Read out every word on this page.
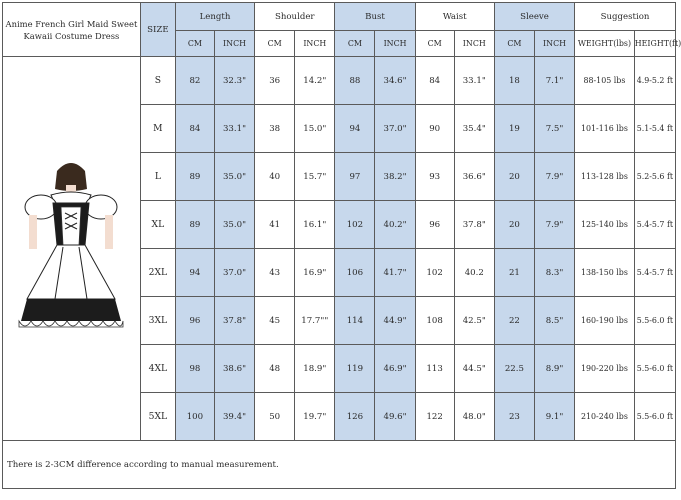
Anime French Girl Maid Sweet Kawaii Costume Dress	SIZE	Length		Shoulder		Bust		Waist		Sleeve		Suggestion	
		CM	INCH	CM	INCH	CM	INCH	CM	INCH	CM	INCH	WEIGHT(lbs)	HEIGHT(ft)

	S	82	32.3"	36	14.2"	88	34.6"	84	33.1"	18	7.1"	88-105 lbs	4.9-5.2 ft
	M	84	33.1"	38	15.0"	94	37.0"	90	35.4"	19	7.5"	101-116 lbs	5.1-5.4 ft
	L	89	35.0"	40	15.7"	97	38.2"	93	36.6"	20	7.9"	113-128 lbs	5.2-5.6 ft
	XL	89	35.0"	41	16.1"	102	40.2"	96	37.8"	20	7.9"	125-140 lbs	5.4-5.7 ft
	2XL	94	37.0"	43	16.9"	106	41.7"	102	40.2	21	8.3"	138-150 lbs	5.4-5.7 ft
	3XL	96	37.8"	45	17.7""	114	44.9"	108	42.5"	22	8.5"	160-190 lbs	5.5-6.0 ft
	4XL	98	38.6"	48	18.9"	119	46.9"	113	44.5"	22.5	8.9"	190-220 lbs	5.5-6.0 ft
	5XL	100	39.4"	50	19.7"	126	49.6"	122	48.0"	23	9.1"	210-240 lbs	5.5-6.0 ft
There is 2-3CM difference according to manual measurement.													
